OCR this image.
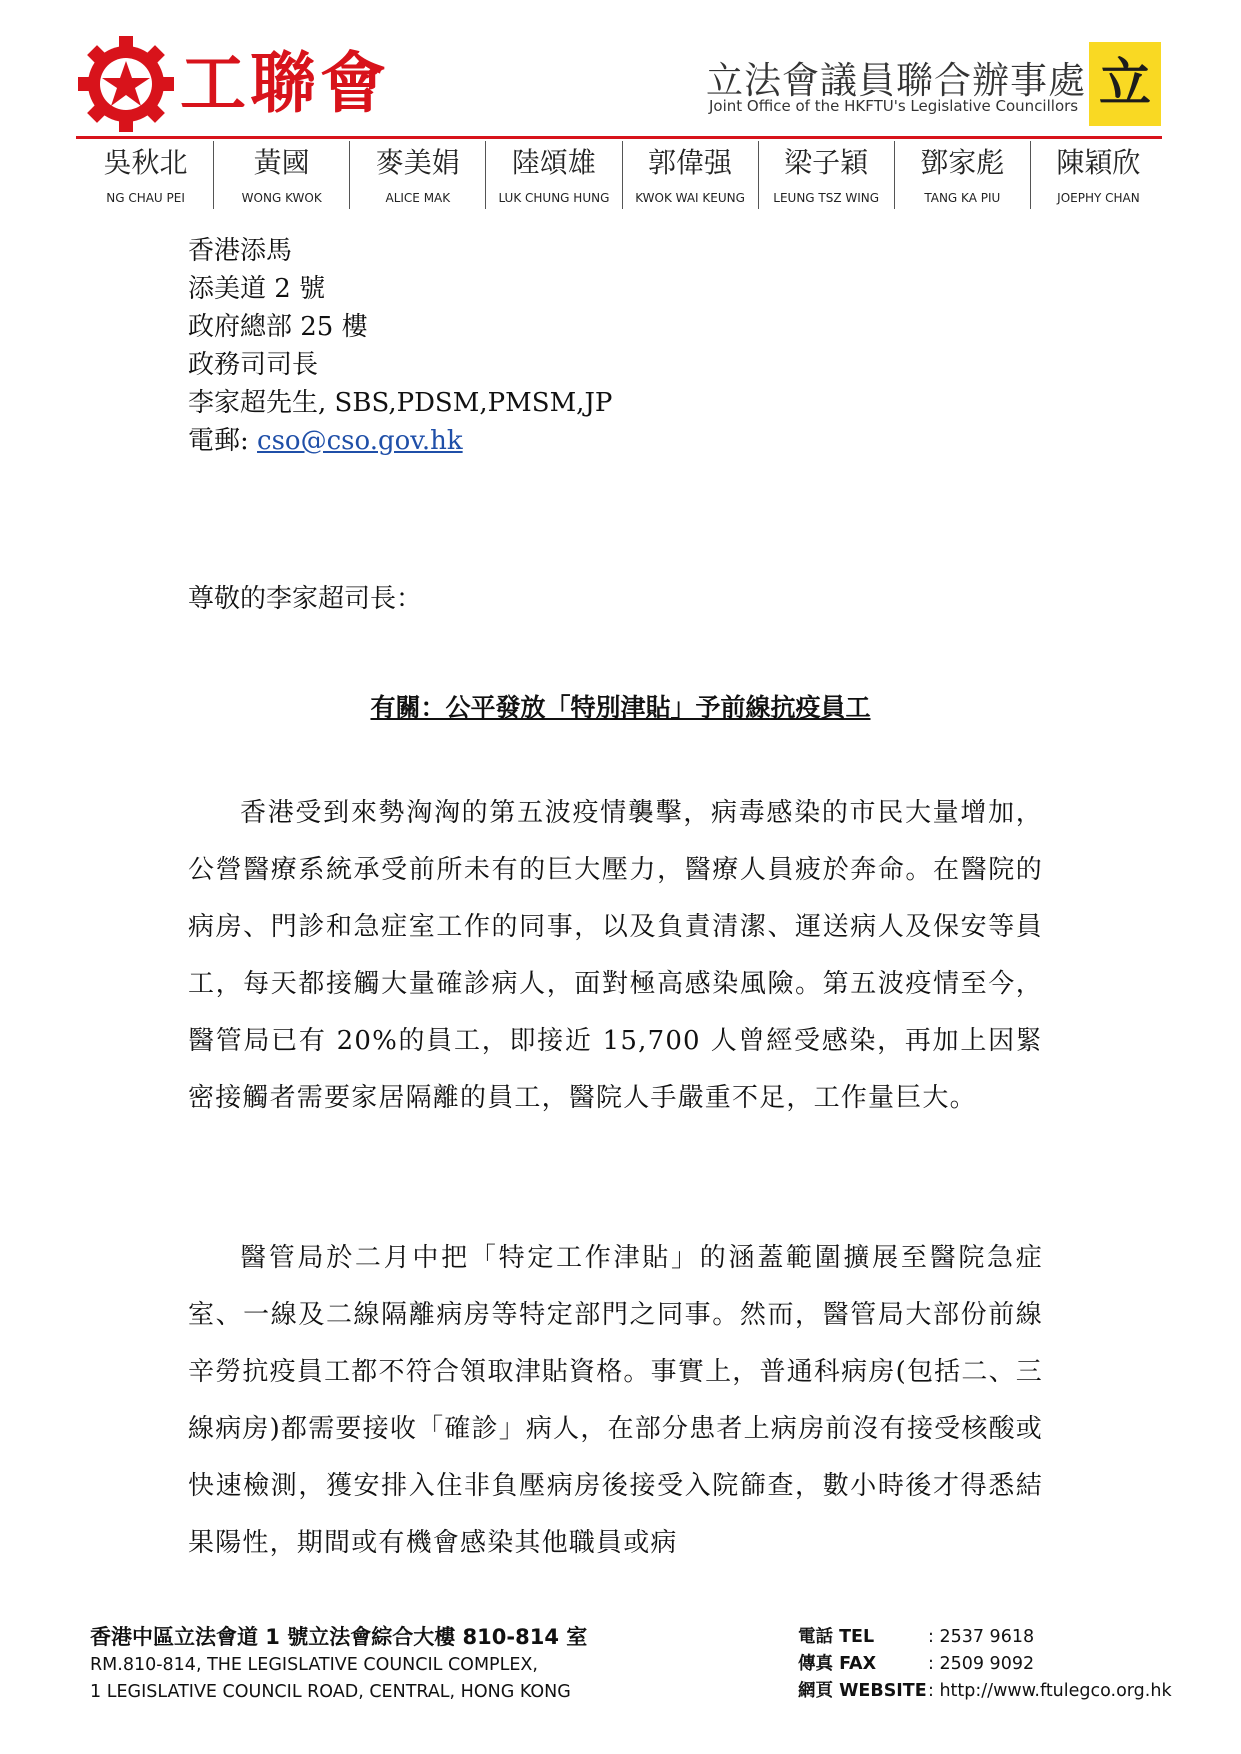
工聯會	立法會議員聯合辦事處
Joint Office of the HKFTU's Legislative Councillors 立
吳秋北
NG CHAU PEI
黃國
WONG KWOK
麥美娟
ALICE MAK
陸頌雄
LUK CHUNG HUNG
郭偉强
KWOK WAI KEUNG
梁子穎
LEUNG TSZ WING
鄧家彪
TANG KA PIU
陳穎欣
JOEPHY CHAN
香港添馬
添美道 2 號
政府總部 25 樓
政務司司長
李家超先生, SBS,PDSM,PMSM,JP
電郵: cso@cso.gov.hk
尊敬的李家超司長：
有關：公平發放「特別津貼」予前線抗疫員工
香港受到來勢洶洶的第五波疫情襲擊，病毒感染的市民大量增加，公營醫療系統承受前所未有的巨大壓力，醫療人員疲於奔命。在醫院的病房、門診和急症室工作的同事，以及負責清潔、運送病人及保安等員工，每天都接觸大量確診病人，面對極高感染風險。第五波疫情至今，醫管局已有 20%的員工，即接近 15,700 人曾經受感染，再加上因緊密接觸者需要家居隔離的員工，醫院人手嚴重不足，工作量巨大。
醫管局於二月中把「特定工作津貼」的涵蓋範圍擴展至醫院急症室、一線及二線隔離病房等特定部門之同事。然而，醫管局大部份前線辛勞抗疫員工都不符合領取津貼資格。事實上，普通科病房(包括二、三線病房)都需要接收「確診」病人，在部分患者上病房前沒有接受核酸或快速檢測，獲安排入住非負壓病房後接受入院篩查，數小時後才得悉結果陽性，期間或有機會感染其他職員或病
香港中區立法會道 1 號立法會綜合大樓 810-814 室
RM.810-814, THE LEGISLATIVE COUNCIL COMPLEX,
1 LEGISLATIVE COUNCIL ROAD, CENTRAL, HONG KONG
電話 TEL	: 2537 9618
傳真 FAX	: 2509 9092
網頁 WEBSITE : http://www.ftulegco.org.hk
